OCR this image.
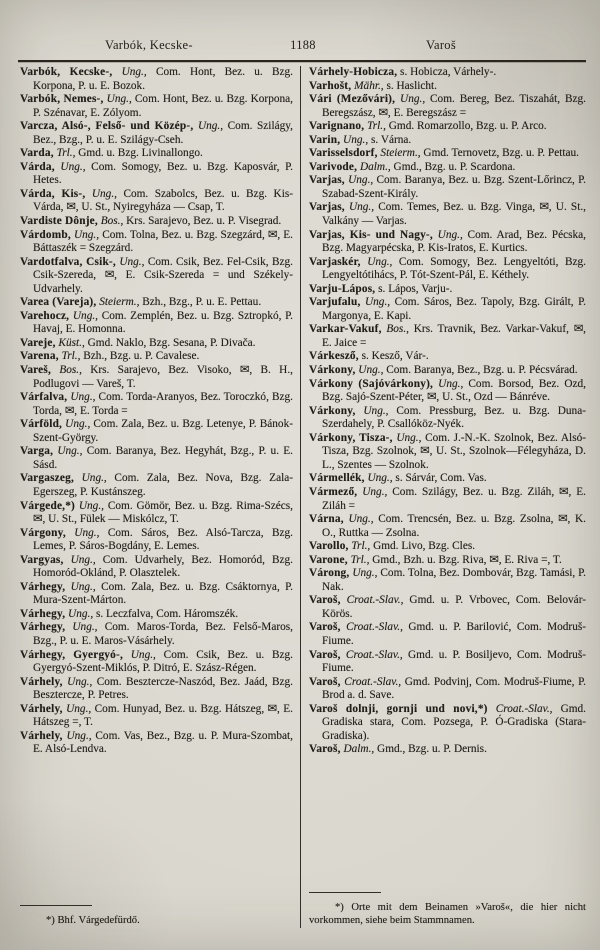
Varbók, Kecske-	1188	Varoš

Varbók, Kecske-, Ung., Com. Hont, Bez. u. Bzg. Korpona, P. u. E. Bozok.

Varbók, Nemes-, Ung., Com. Hont, Bez. u. Bzg. Korpona, P. Szénavar, E. Zólyom.

Varcza, Alsó-, Felső- und Közép-, Ung., Com. Szilágy, Bez., Bzg., P. u. E. Szilágy-Cseh.

Varda, Trl., Gmd. u. Bzg. Livinallongo.

Várda, Ung., Com. Somogy, Bez. u. Bzg. Kaposvár, P. Hetes.

Várda, Kis-, Ung., Com. Szabolcs, Bez. u. Bzg. Kis-Várda, ✉, U. St., Nyiregyháza — Csap, T.

Vardiste Dônje, Bos., Krs. Sarajevo, Bez. u. P. Visegrad.

Várdomb, Ung., Com. Tolna, Bez. u. Bzg. Szegzárd, ✉, E. Báttaszék = Szegzárd.

Vardotfalva, Csik-, Ung., Com. Csik, Bez. Fel-Csik, Bzg. Csik-Szereda, ✉, E. Csik-Szereda = und Székely-Udvarhely.

Varea (Vareja), Steierm., Bzh., Bzg., P. u. E. Pettau.

Varehocz, Ung., Com. Zemplén, Bez. u. Bzg. Sztropkó, P. Havaj, E. Homonna.

Vareje, Küst., Gmd. Naklo, Bzg. Sesana, P. Divača.

Varena, Trl., Bzh., Bzg. u. P. Cavalese.

Vareš, Bos., Krs. Sarajevo, Bez. Visoko, ✉, B. H., Podlugovi — Vareš, T.

Várfalva, Ung., Com. Torda-Aranyos, Bez. Toroczkó, Bzg. Torda, ✉, E. Torda =

Várföld, Ung., Com. Zala, Bez. u. Bzg. Letenye, P. Bánok-Szent-György.

Varga, Ung., Com. Baranya, Bez. Hegyhát, Bzg., P. u. E. Sásd.

Vargaszeg, Ung., Com. Zala, Bez. Nova, Bzg. Zala-Egerszeg, P. Kustánszeg.

Várgede,*) Ung., Com. Gömör, Bez. u. Bzg. Rima-Szécs, ✉, U. St., Fülek — Miskólcz, T.

Várgony, Ung., Com. Sáros, Bez. Alsó-Tarcza, Bzg. Lemes, P. Sáros-Bogdány, E. Lemes.

Vargyas, Ung., Com. Udvarhely, Bez. Homoród, Bzg. Homoród-Oklánd, P. Olasztelek.

Várhegy, Ung., Com. Zala, Bez. u. Bzg. Csáktornya, P. Mura-Szent-Márton.

Várhegy, Ung., s. Leczfalva, Com. Háromszék.

Várhegy, Ung., Com. Maros-Torda, Bez. Felső-Maros, Bzg., P. u. E. Maros-Vásárhely.

Várhegy, Gyergyó-, Ung., Com. Csik, Bez. u. Bzg. Gyergyó-Szent-Miklós, P. Ditró, E. Szász-Régen.

Várhely, Ung., Com. Besztercze-Naszód, Bez. Jaád, Bzg. Besztercze, P. Petres.

Várhely, Ung., Com. Hunyad, Bez. u. Bzg. Hátszeg, ✉, E. Hátszeg =, T.

Várhely, Ung., Com. Vas, Bez., Bzg. u. P. Mura-Szombat, E. Alsó-Lendva.

*) Bhf. Várgedefürdő.

Várhely-Hobicza, s. Hobicza, Várhely-.

Varhošt, Mähr., s. Haslicht.

Vári (Mezővári), Ung., Com. Bereg, Bez. Tiszahát, Bzg. Beregszász, ✉, E. Beregszász =

Varignano, Trl., Gmd. Romarzollo, Bzg. u. P. Arco.

Varin, Ung., s. Várna.

Varisselsdorf, Steierm., Gmd. Ternovetz, Bzg. u. P. Pettau.

Varivode, Dalm., Gmd., Bzg. u. P. Scardona.

Varjas, Ung., Com. Baranya, Bez. u. Bzg. Szent-Lőrincz, P. Szabad-Szent-Király.

Varjas, Ung., Com. Temes, Bez. u. Bzg. Vinga, ✉, U. St., Valkány — Varjas.

Varjas, Kis- und Nagy-, Ung., Com. Arad, Bez. Pécska, Bzg. Magyarpécska, P. Kis-Iratos, E. Kurtics.

Varjaskér, Ung., Com. Somogy, Bez. Lengyeltóti, Bzg. Lengyeltótihács, P. Tót-Szent-Pál, E. Kéthely.

Varju-Lápos, s. Lápos, Varju-.

Varjufalu, Ung., Com. Sáros, Bez. Tapoly, Bzg. Girált, P. Margonya, E. Kapi.

Varkar-Vakuf, Bos., Krs. Travnik, Bez. Varkar-Vakuf, ✉, E. Jaice =

Várkesző, s. Kesző, Vár-.

Várkony, Ung., Com. Baranya, Bez., Bzg. u. P. Pécsvárad.

Várkony (Sajóvárkony), Ung., Com. Borsod, Bez. Ozd, Bzg. Sajó-Szent-Péter, ✉, U. St., Ozd — Bánréve.

Várkony, Ung., Com. Pressburg, Bez. u. Bzg. Duna-Szerdahely, P. Csallóköz-Nyék.

Várkony, Tisza-, Ung., Com. J.-N.-K. Szolnok, Bez. Alsó-Tisza, Bzg. Szolnok, ✉, U. St., Szolnok—Félegyháza, D. L., Szentes — Szolnok.

Vármellék, Ung., s. Sárvár, Com. Vas.

Vármező, Ung., Com. Szilágy, Bez. u. Bzg. Ziláh, ✉, E. Ziláh =

Várna, Ung., Com. Trencsén, Bez. u. Bzg. Zsolna, ✉, K. O., Ruttka — Zsolna.

Varollo, Trl., Gmd. Livo, Bzg. Cles.

Varone, Trl., Gmd., Bzh. u. Bzg. Riva, ✉, E. Riva =, T.

Várong, Ung., Com. Tolna, Bez. Dombovár, Bzg. Tamási, P. Nak.

Varoš, Croat.-Slav., Gmd. u. P. Vrbovec, Com. Belovár-Körös.

Varoš, Croat.-Slav., Gmd. u. P. Barilović, Com. Modruš-Fiume.

Varoš, Croat.-Slav., Gmd. u. P. Bosiljevo, Com. Modruš-Fiume.

Varoš, Croat.-Slav., Gmd. Podvinj, Com. Modruš-Fiume, P. Brod a. d. Save.

Varoš dolnji, gornji und novi,*) Croat.-Slav., Gmd. Gradiska stara, Com. Pozsega, P. Ó-Gradiska (Stara-Gradiska).

Varoš, Dalm., Gmd., Bzg. u. P. Dernis.

*) Orte mit dem Beinamen »Varoš«, die hier nicht vorkommen, siehe beim Stammnamen.
